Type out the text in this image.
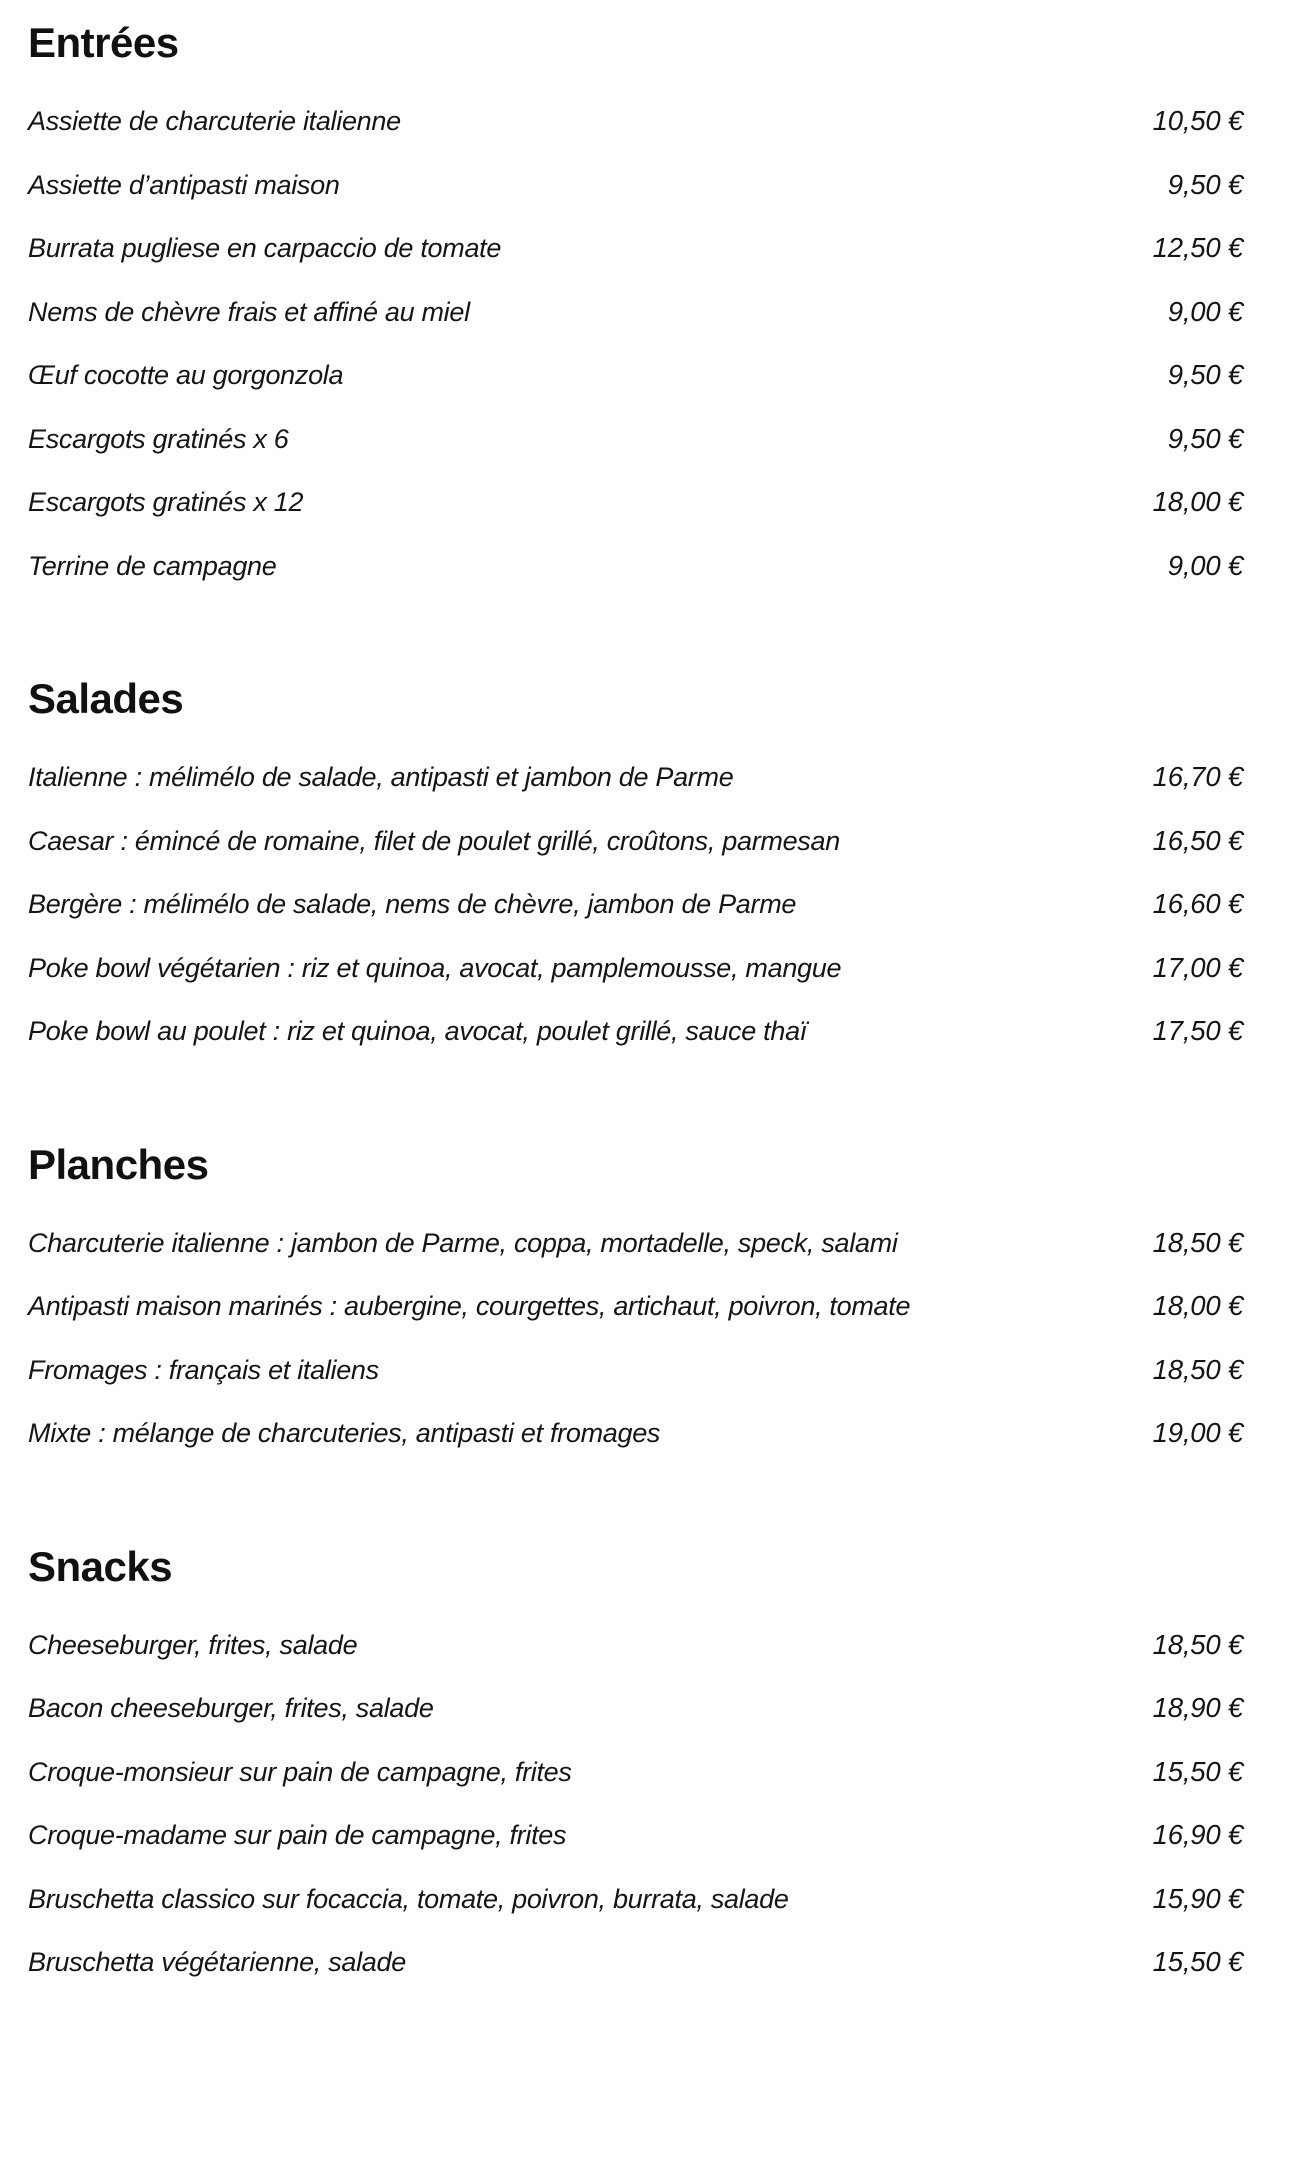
Entrées
Assiette de charcuterie italienne	10,50 €
Assiette d’antipasti maison	9,50 €
Burrata pugliese en carpaccio de tomate	12,50 €
Nems de chèvre frais et affiné au miel	9,00 €
Œuf cocotte au gorgonzola	9,50 €
Escargots gratinés x 6	9,50 €
Escargots gratinés x 12	18,00 €
Terrine de campagne	9,00 €
Salades
Italienne : mélimélo de salade, antipasti et jambon de Parme	16,70 €
Caesar : émincé de romaine, filet de poulet grillé, croûtons, parmesan	16,50 €
Bergère : mélimélo de salade, nems de chèvre, jambon de Parme	16,60 €
Poke bowl végétarien : riz et quinoa, avocat, pamplemousse, mangue	17,00 €
Poke bowl au poulet : riz et quinoa, avocat, poulet grillé, sauce thaï	17,50 €
Planches
Charcuterie italienne : jambon de Parme, coppa, mortadelle, speck, salami	18,50 €
Antipasti maison marinés : aubergine, courgettes, artichaut, poivron, tomate	18,00 €
Fromages : français et italiens	18,50 €
Mixte : mélange de charcuteries, antipasti et fromages	19,00 €
Snacks
Cheeseburger, frites, salade	18,50 €
Bacon cheeseburger, frites, salade	18,90 €
Croque-monsieur sur pain de campagne, frites	15,50 €
Croque-madame sur pain de campagne, frites	16,90 €
Bruschetta classico sur focaccia, tomate, poivron, burrata, salade	15,90 €
Bruschetta végétarienne, salade	15,50 €
